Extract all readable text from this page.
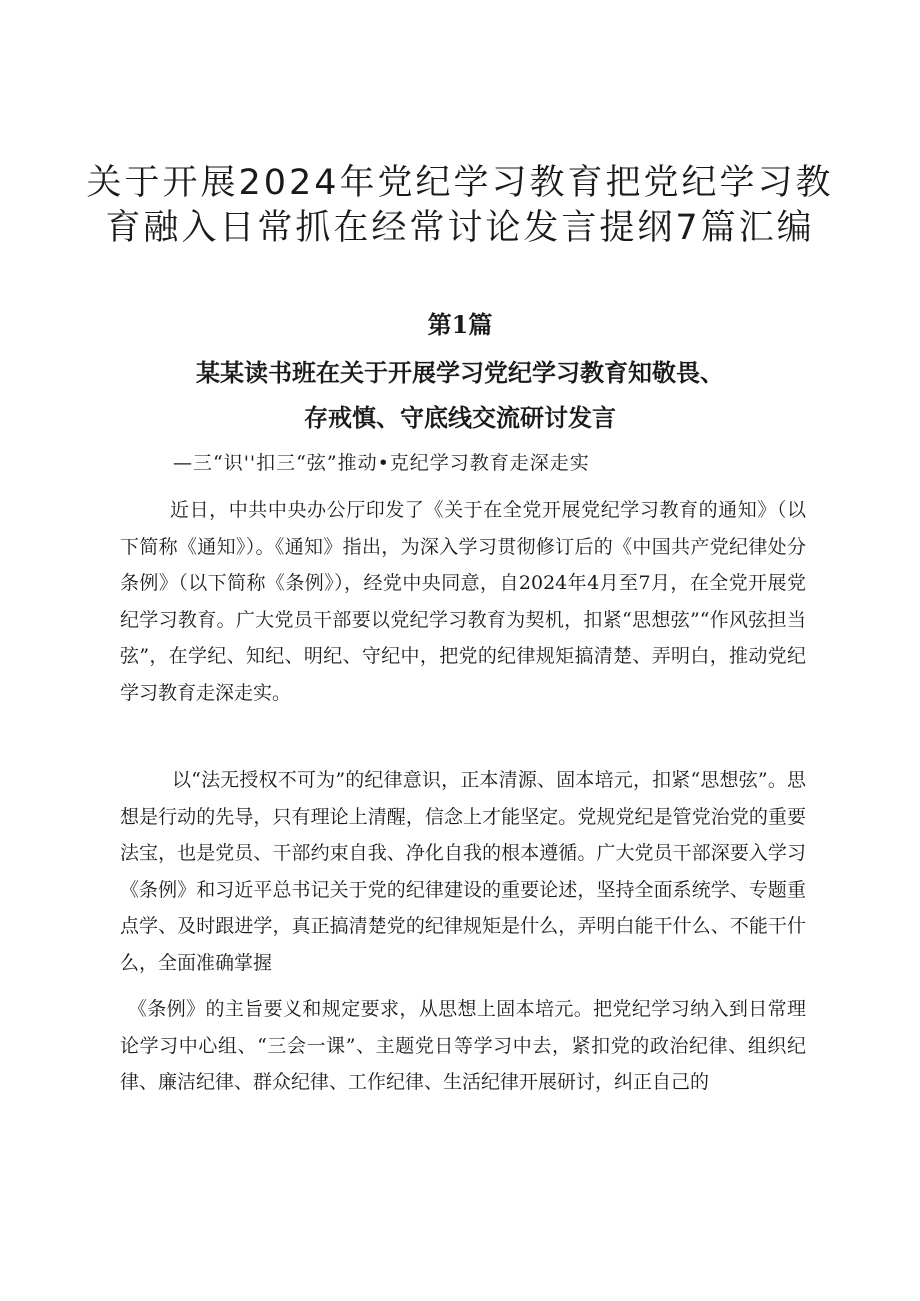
关于开展2024年党纪学习教育把党纪学习教
育融入日常抓在经常讨论发言提纲7篇汇编
第1篇
某某读书班在关于开展学习党纪学习教育知敬畏、
存戒慎、守底线交流研讨发言
—三“识''扣三“弦”推动•克纪学习教育走深走实

近日，中共中央办公厅印发了《关于在全党开展党纪学习教育的通知》（以下简称《通知》）。《通知》指出，为深入学习贯彻修订后的《中国共产党纪律处分条例》（以下简称《条例》），经党中央同意，自2024年4月至7月，在全党开展党纪学习教育。广大党员干部要以党纪学习教育为契机，扣紧“思想弦”“作风弦担当弦”，在学纪、知纪、明纪、守纪中，把党的纪律规矩搞清楚、弄明白，推动党纪学习教育走深走实。

以“法无授权不可为”的纪律意识，正本清源、固本培元，扣紧“思想弦”。思想是行动的先导，只有理论上清醒，信念上才能坚定。党规党纪是管党治党的重要法宝，也是党员、干部约束自我、净化自我的根本遵循。广大党员干部深要入学习《条例》和习近平总书记关于党的纪律建设的重要论述，坚持全面系统学、专题重点学、及时跟进学，真正搞清楚党的纪律规矩是什么，弄明白能干什么、不能干什么，全面准确掌握

《条例》的主旨要义和规定要求，从思想上固本培元。把党纪学习纳入到日常理论学习中心组、“三会一课”、主题党日等学习中去，紧扣党的政治纪律、组织纪律、廉洁纪律、群众纪律、工作纪律、生活纪律开展研讨，纠正自己的
